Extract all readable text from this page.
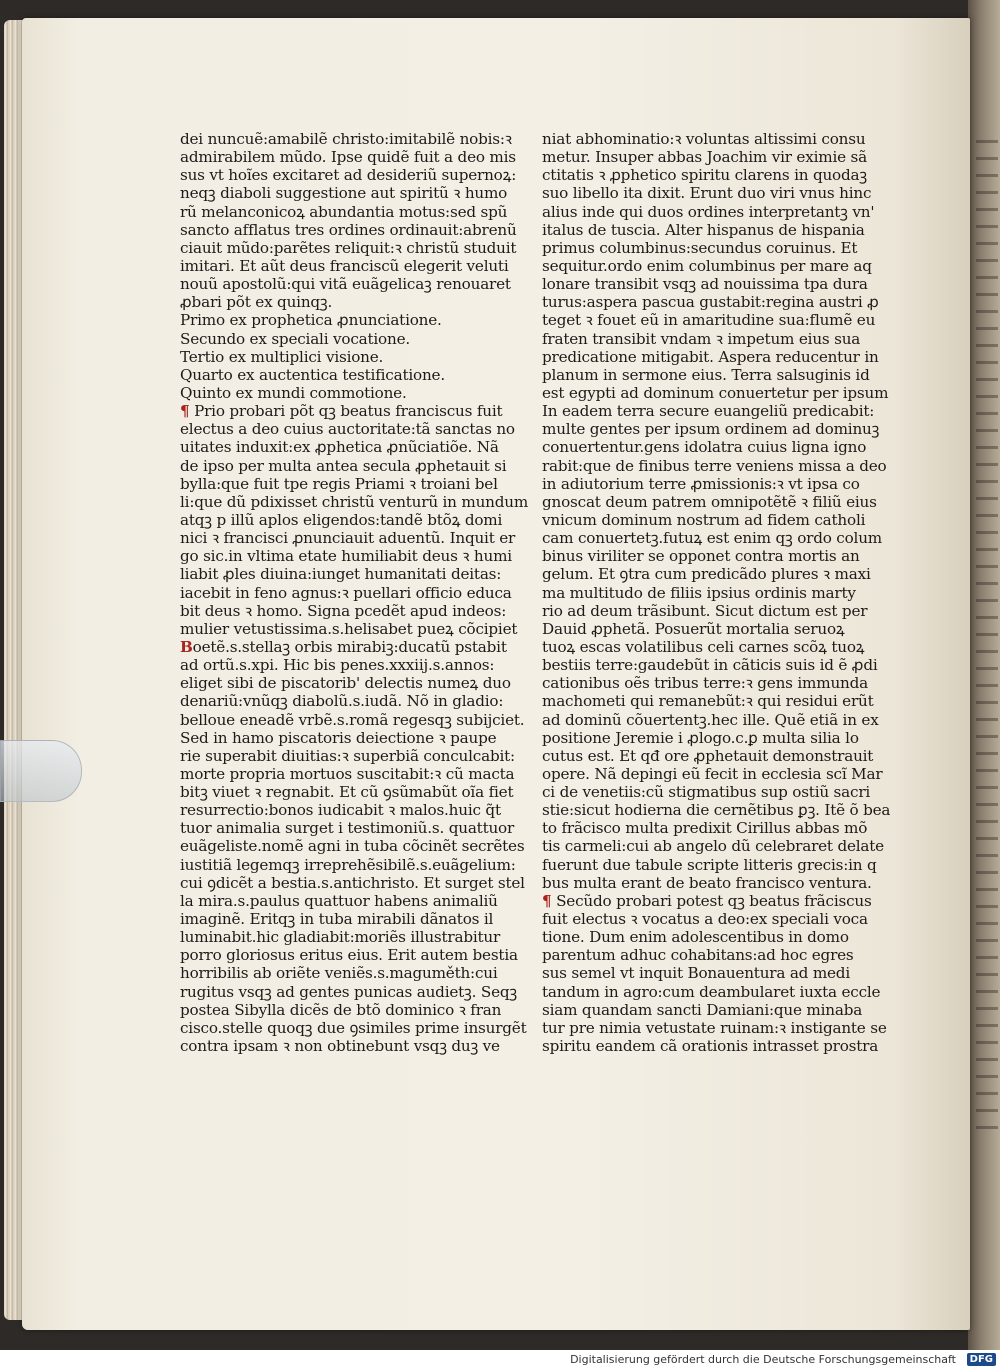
dei nuncuẽ:amabilẽ christo:imitabilẽ nobis:ꝛ
admirabilem mũdo. Ipse quidẽ fuit a deo mis
sus vt hoĩes excitaret ad desideriũ supernoꝝ:
neqꝫ diaboli suggestione aut spiritũ ꝛ humo
rũ melanconicoꝝ abundantia motus:sed spũ
sancto afflatus tres ordines ordinauit:abrenũ
ciauit mũdo:parẽtes reliquit:ꝛ christũ studuit
imitari. Et aũt deus franciscũ elegerit veluti
nouũ apostolũ:qui vitã euãgelicaꝫ renouaret
ꝓbari põt ex quinqꝫ.
Primo ex prophetica ꝓnunciatione.
Secundo ex speciali vocatione.
Tertio ex multiplici visione.
Quarto ex auctentica testificatione.
Quinto ex mundi commotione.
¶ Prio probari põt qꝫ beatus franciscus fuit
electus a deo cuius auctoritate:tã sanctas no
uitates induxit:ex ꝓphetica ꝓnũciatiõe. Nã
de ipso per multa antea secula ꝓphetauit si
bylla:que fuit tpe regis Priami ꝛ troiani bel
li:que dũ pdixisset christũ venturũ in mundum
atqꝫ p illũ aplos eligendos:tandẽ btõꝝ domi
nici ꝛ francisci ꝓnunciauit aduentũ. Inquit er
go sic.in vltima etate humiliabit deus ꝛ humi
liabit ꝓles diuina:iunget humanitati deitas:
iacebit in feno agnus:ꝛ puellari officio educa
bit deus ꝛ homo. Signa pcedẽt apud indeos:
mulier vetustissima.s.helisabet pueꝝ cõcipiet
Boetẽ.s.stellaꝫ orbis mirabiꝫ:ducatũ pstabit
ad ortũ.s.xpi. Hic bis penes.xxxiij.s.annos:
eliget sibi de piscatorib' delectis numeꝝ duo
denariũ:vnũqꝫ diabolũ.s.iudã. Nõ in gladio:
belloue eneadẽ vrbẽ.s.romã regesqꝫ subijciet.
Sed in hamo piscatoris deiectione ꝛ paupe
rie superabit diuitias:ꝛ superbiã conculcabit:
morte propria mortuos suscitabit:ꝛ cũ macta
bitꝫ viuet ꝛ regnabit. Et cũ ꝯsũmabũt oĩa fiet
resurrectio:bonos iudicabit ꝛ malos.huic q̃t
tuor animalia surget i testimoniũ.s. quattuor
euãgeliste.nomẽ agni in tuba cõcinẽt secrẽtes
iustitiã legemqꝫ irreprehẽsibilẽ.s.euãgelium:
cui ꝯdicẽt a bestia.s.antichristo. Et surget stel
la mira.s.paulus quattuor habens animaliũ
imaginẽ. Eritqꝫ in tuba mirabili dãnatos il
luminabit.hic gladiabit:moriẽs illustrabitur
porro gloriosus eritus eius. Erit autem bestia
horribilis ab oriẽte veniẽs.s.maguměth:cui
rugitus vsqꝫ ad gentes punicas audietꝫ. Seqꝫ
postea Sibylla dicẽs de btõ dominico ꝛ fran
cisco.stelle quoqꝫ due ꝯsimiles prime insurgẽt
contra ipsam ꝛ non obtinebunt vsqꝫ duꝫ ve
niat abhominatio:ꝛ voluntas altissimi consu
metur. Insuper abbas Joachim vir eximie sã
ctitatis ꝛ ꝓphetico spiritu clarens in quodaꝫ
suo libello ita dixit. Erunt duo viri vnus hinc
alius inde qui duos ordines interpretantꝫ vn'
italus de tuscia. Alter hispanus de hispania
primus columbinus:secundus coruinus. Et
sequitur.ordo enim columbinus per mare aq
lonare transibit vsqꝫ ad nouissima tpa dura
turus:aspera pascua gustabit:regina austri ꝓ
teget ꝛ fouet eũ in amaritudine sua:flumẽ eu
fraten transibit vndam ꝛ impetum eius sua
predicatione mitigabit. Aspera reducentur in
planum in sermone eius. Terra salsuginis id
est egypti ad dominum conuertetur per ipsum
In eadem terra secure euangeliũ predicabit:
multe gentes per ipsum ordinem ad dominuꝫ
conuertentur.gens idolatra cuius ligna igno
rabit:que de finibus terre veniens missa a deo
in adiutorium terre ꝓmissionis:ꝛ vt ipsa co
gnoscat deum patrem omnipotẽtẽ ꝛ filiũ eius
vnicum dominum nostrum ad fidem catholi
cam conuertetꝫ.futuꝝ est enim qꝫ ordo colum
binus viriliter se opponet contra mortis an
gelum. Et ꝯtra cum predicãdo plures ꝛ maxi
ma multitudo de filiis ipsius ordinis marty
rio ad deum trãsibunt. Sicut dictum est per
Dauid ꝓphetã. Posuerũt mortalia seruoꝝ
tuoꝝ escas volatilibus celi carnes scõꝝ tuoꝝ
bestiis terre:gaudebũt in cãticis suis id ẽ ꝓdi
cationibus oẽs tribus terre:ꝛ gens immunda
machometi qui remanebũt:ꝛ qui residui erũt
ad dominũ cõuertentꝫ.hec ille. Quẽ etiã in ex
positione Jeremie i ꝓlogo.c.ꝑ multa silia lo
cutus est. Et qđ ore ꝓphetauit demonstrauit
opere. Nã depingi eũ fecit in ecclesia scĩ Mar
ci de venetiis:cũ stigmatibus sup ostiũ sacri
stie:sicut hodierna die cernẽtibus ꝑꝫ. Itẽ õ bea
to frãcisco multa predixit Cirillus abbas mõ
tis carmeli:cui ab angelo dũ celebraret delate
fuerunt due tabule scripte litteris grecis:in q
bus multa erant de beato francisco ventura.
¶ Secũdo probari potest qꝫ beatus frãciscus
fuit electus ꝛ vocatus a deo:ex speciali voca
tione. Dum enim adolescentibus in domo
parentum adhuc cohabitans:ad hoc egres
sus semel vt inquit Bonauentura ad medi
tandum in agro:cum deambularet iuxta eccle
siam quandam sancti Damiani:que minaba
tur pre nimia vetustate ruinam:ꝛ instigante se
spiritu eandem cã orationis intrasset prostra
Digitalisierung gefördert durch die Deutsche Forschungsgemeinschaft	DFG
